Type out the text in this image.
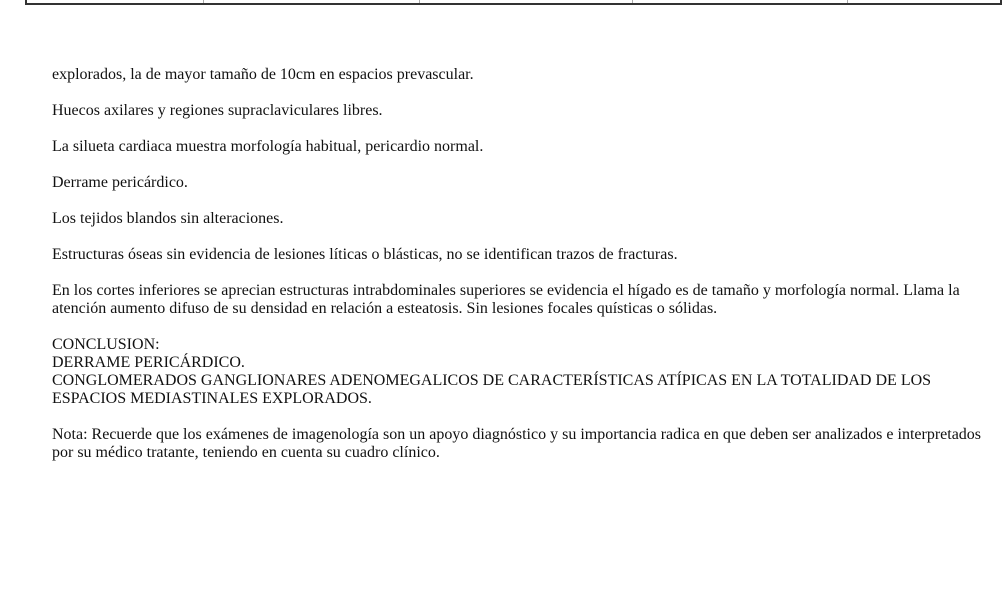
explorados, la de mayor tamaño de 10cm en espacios prevascular.

Huecos axilares y regiones supraclaviculares libres.

La silueta cardiaca muestra morfología habitual, pericardio normal.

Derrame pericárdico.

Los tejidos blandos sin alteraciones.

Estructuras óseas sin evidencia de lesiones líticas o blásticas, no se identifican trazos de fracturas.

En los cortes inferiores se aprecian estructuras intrabdominales superiores se evidencia el hígado es de tamaño y morfología normal. Llama la atención aumento difuso de su densidad en relación a esteatosis. Sin lesiones focales quísticas o sólidas.

CONCLUSION:
DERRAME PERICÁRDICO.
CONGLOMERADOS GANGLIONARES ADENOMEGALICOS DE CARACTERÍSTICAS ATÍPICAS EN LA TOTALIDAD DE LOS ESPACIOS MEDIASTINALES EXPLORADOS.

Nota: Recuerde que los exámenes de imagenología son un apoyo diagnóstico y su importancia radica en que deben ser analizados e interpretados por su médico tratante, teniendo en cuenta su cuadro clínico.
